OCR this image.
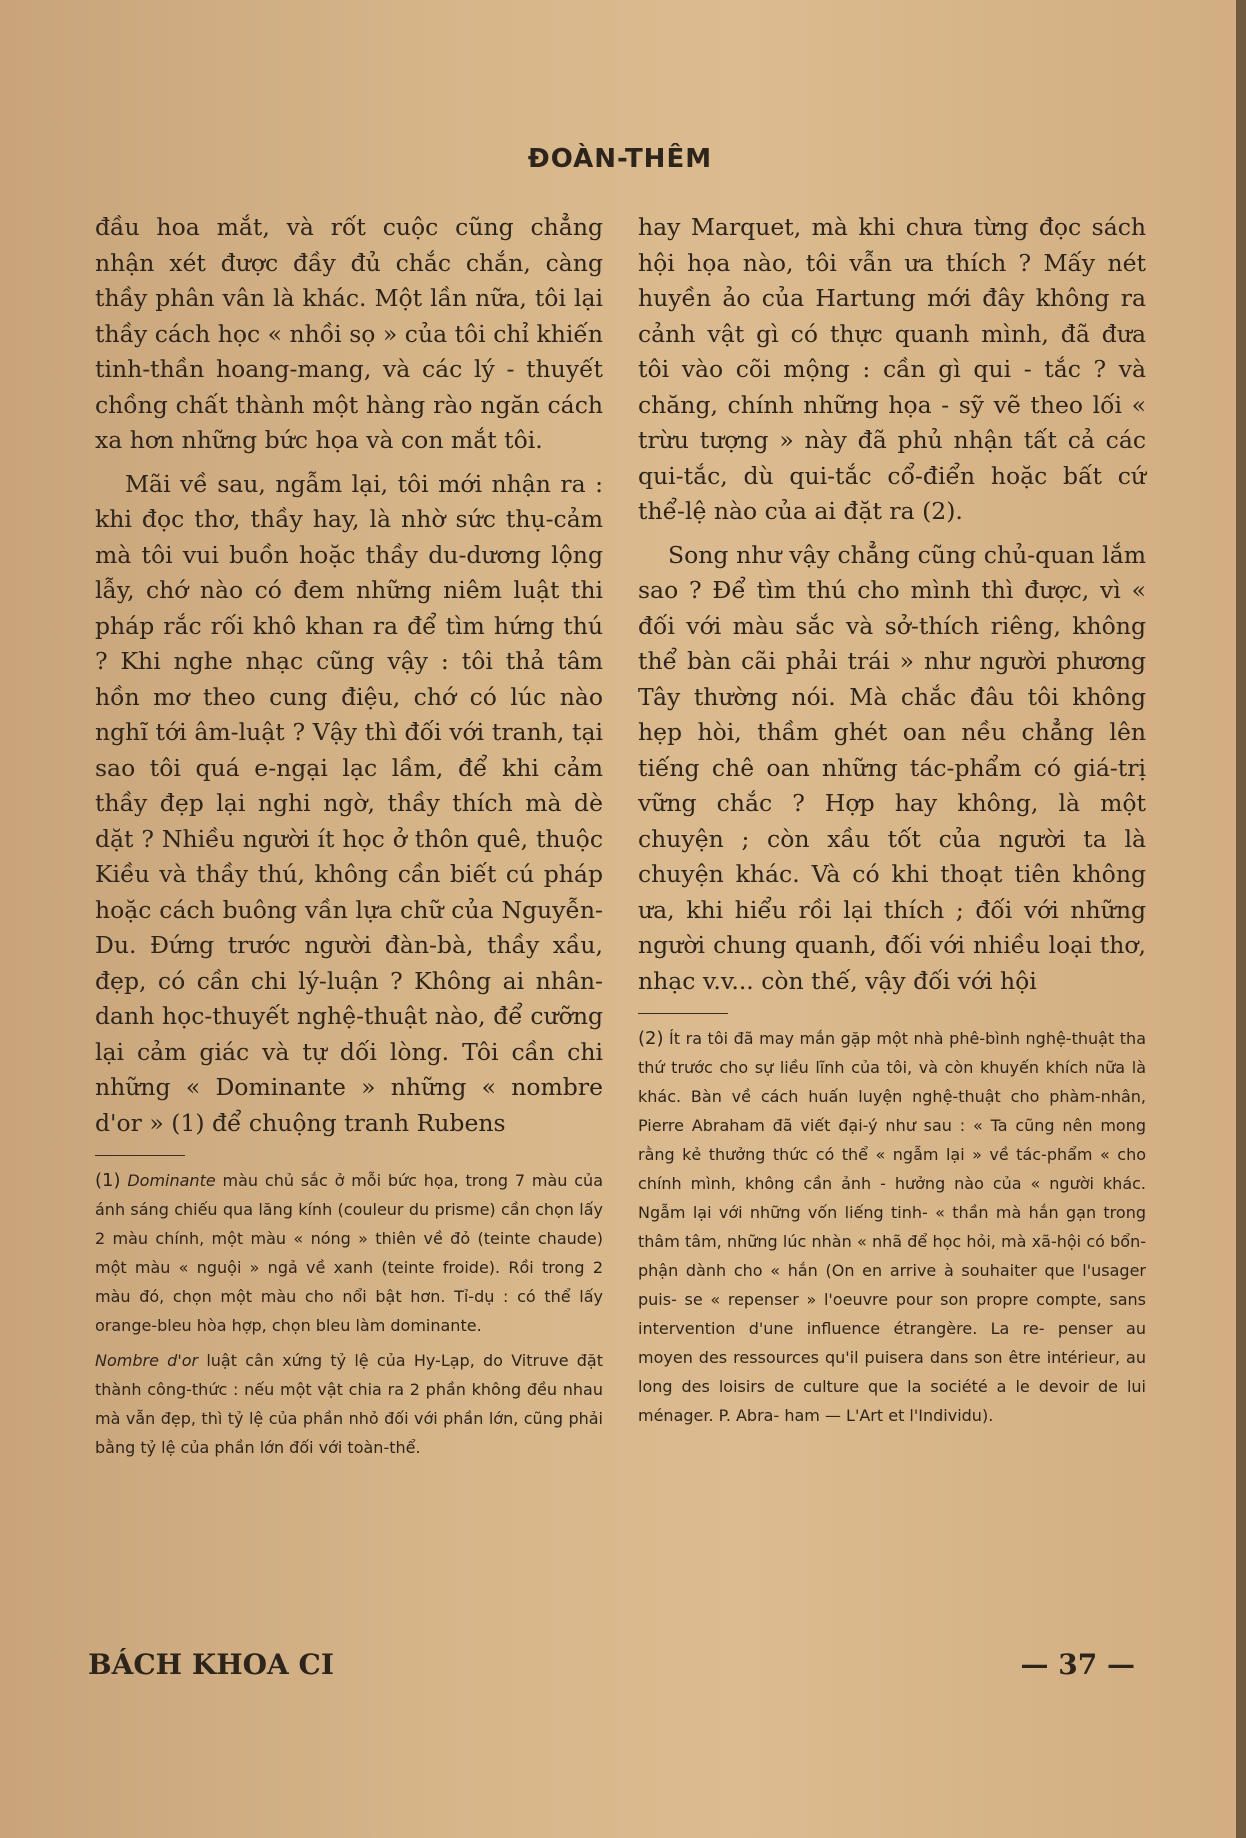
ĐOÀN-THÊM

đầu hoa mắt, và rốt cuộc cũng chẳng nhận xét được đầy đủ chắc chắn, càng thầy phân vân là khác. Một lần nữa, tôi lại thầy cách học « nhồi sọ » của tôi chỉ khiến tinh-thần hoang-mang, và các lý - thuyết chồng chất thành một hàng rào ngăn cách xa hơn những bức họa và con mắt tôi.

Mãi về sau, ngẫm lại, tôi mới nhận ra : khi đọc thơ, thầy hay, là nhờ sức thụ-cảm mà tôi vui buồn hoặc thầy du-dương lộng lẫy, chớ nào có đem những niêm luật thi pháp rắc rối khô khan ra để tìm hứng thú ? Khi nghe nhạc cũng vậy : tôi thả tâm hồn mơ theo cung điệu, chớ có lúc nào nghĩ tới âm-luật ? Vậy thì đối với tranh, tại sao tôi quá e-ngại lạc lầm, để khi cảm thầy đẹp lại nghi ngờ, thầy thích mà dè dặt ? Nhiều người ít học ở thôn quê, thuộc Kiều và thầy thú, không cần biết cú pháp hoặc cách buông vần lựa chữ của Nguyễn-Du. Đứng trước người đàn-bà, thầy xầu, đẹp, có cần chi lý-luận ? Không ai nhân-danh học-thuyết nghệ-thuật nào, để cưỡng lại cảm giác và tự dối lòng. Tôi cần chi những « Dominante » những « nombre d'or » (1) để chuộng tranh Rubens

(1) Dominante màu chủ sắc ở mỗi bức họa, trong 7 màu của ánh sáng chiếu qua lăng kính (couleur du prisme) cần chọn lấy 2 màu chính, một màu « nóng » thiên về đỏ (teinte chaude) một màu « nguội » ngả về xanh (teinte froide). Rồi trong 2 màu đó, chọn một màu cho nổi bật hơn. Tỉ-dụ : có thể lấy orange-bleu hòa hợp, chọn bleu làm dominante.

Nombre d'or luật cân xứng tỷ lệ của Hy-Lạp, do Vitruve đặt thành công-thức : nếu một vật chia ra 2 phần không đều nhau mà vẫn đẹp, thì tỷ lệ của phần nhỏ đối với phần lớn, cũng phải bằng tỷ lệ của phần lớn đối với toàn-thể.

hay Marquet, mà khi chưa từng đọc sách hội họa nào, tôi vẫn ưa thích ? Mấy nét huyền ảo của Hartung mới đây không ra cảnh vật gì có thực quanh mình, đã đưa tôi vào cõi mộng : cần gì qui - tắc ? và chăng, chính những họa - sỹ vẽ theo lối « trừu tượng » này đã phủ nhận tất cả các qui-tắc, dù qui-tắc cổ-điển hoặc bất cứ thể-lệ nào của ai đặt ra (2).

Song như vậy chẳng cũng chủ-quan lắm sao ? Để tìm thú cho mình thì được, vì « đối với màu sắc và sở-thích riêng, không thể bàn cãi phải trái » như người phương Tây thường nói. Mà chắc đâu tôi không hẹp hòi, thầm ghét oan nều chẳng lên tiếng chê oan những tác-phẩm có giá-trị vững chắc ? Hợp hay không, là một chuyện ; còn xầu tốt của người ta là chuyện khác. Và có khi thoạt tiên không ưa, khi hiểu rồi lại thích ; đối với những người chung quanh, đối với nhiều loại thơ, nhạc v.v... còn thế, vậy đối với hội

(2) Ít ra tôi đã may mắn gặp một nhà phê-bình nghệ-thuật tha thứ trước cho sự liều lĩnh của tôi, và còn khuyến khích nữa là khác. Bàn về cách huấn luyện nghệ-thuật cho phàm-nhân, Pierre Abraham đã viết đại-ý như sau : « Ta cũng nên mong rằng kẻ thưởng thức có thể « ngẫm lại » về tác-phẩm « cho chính mình, không cần ảnh - hưởng nào của « người khác. Ngẫm lại với những vốn liếng tinh- « thần mà hắn gạn trong thâm tâm, những lúc nhàn « nhã để học hỏi, mà xã-hội có bổn-phận dành cho « hắn (On en arrive à souhaiter que l'usager puis- se « repenser » l'oeuvre pour son propre compte, sans intervention d'une influence étrangère. La re- penser au moyen des ressources qu'il puisera dans son être intérieur, au long des loisirs de culture que la société a le devoir de lui ménager. P. Abra- ham — L'Art et l'Individu).

BÁCH KHOA CI	— 37 —
